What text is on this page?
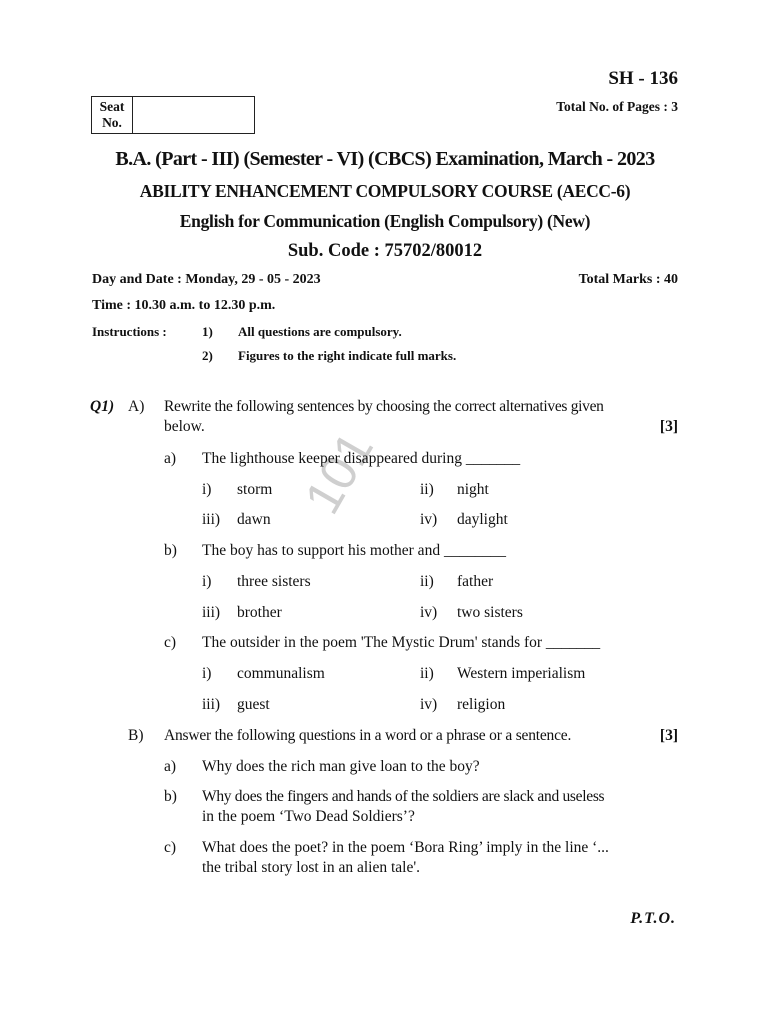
SH - 136
Total No. of Pages : 3
Seat
No.
B.A. (Part - III) (Semester - VI) (CBCS) Examination, March - 2023
ABILITY ENHANCEMENT COMPULSORY COURSE (AECC-6)
English for Communication (English Compulsory) (New)
Sub. Code : 75702/80012
Day and Date : Monday, 29 - 05 - 2023	Total Marks : 40
Time : 10.30 a.m. to 12.30 p.m.
Instructions :	1) All questions are compulsory.
2) Figures to the right indicate full marks.
101
Q1) A) Rewrite the following sentences by choosing the correct alternatives given
below.	[3]
a) The lighthouse keeper disappeared during _______
i) storm	ii) night
iii) dawn	iv) daylight
b) The boy has to support his mother and ________
i) three sisters	ii) father
iii) brother	iv) two sisters
c) The outsider in the poem 'The Mystic Drum' stands for _______
i) communalism	ii) Western imperialism
iii) guest	iv) religion
B) Answer the following questions in a word or a phrase or a sentence.	[3]
a) Why does the rich man give loan to the boy?
b) Why does the fingers and hands of the soldiers are slack and useless
in the poem ‘Two Dead Soldiers’?
c) What does the poet? in the poem ‘Bora Ring’ imply in the line ‘...
the tribal story lost in an alien tale'.
P.T.O.
